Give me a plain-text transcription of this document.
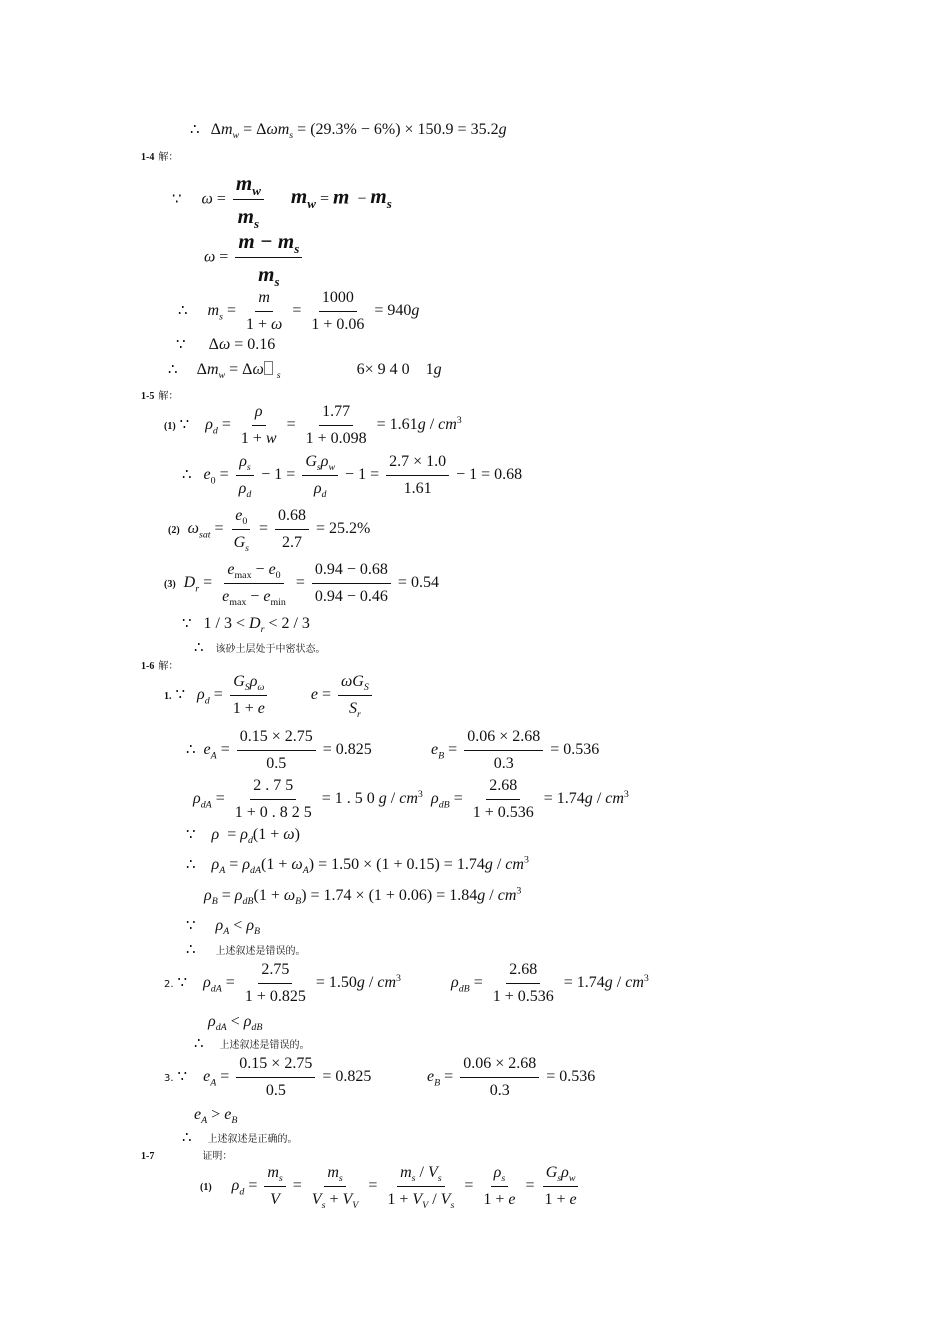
∴   $\Delta m_w = \Delta\omega m_s = (29.3\% - 6\%) \times 150.9 = 35.2g$
1-4 解：
∵ $\omega = \frac{m_w}{m_s} m_w = m - m_s$
$\omega = \frac{m - m_s}{m_s}$
∴ $m_s = \frac{m}{1 + \omega} = \frac{1000}{1 + 0.06} = 940g$
∵      Δω = 0.16
∴     $\Delta m_w = \Delta\omega$ $_s$	6× 9 4 0 1g
1-5 解：
(1) ∵ $\rho_d = \frac{\rho}{1 + w} = \frac{1.77}{1 + 0.098} = 1.61g / cm^3$
∴ $e_0 = \frac{\rho_s}{\rho_d} - 1 = \frac{G_s\rho_w}{\rho_d} - 1 = \frac{2.7 \times 1.0}{1.61} - 1 = 0.68$
(2) $\omega_{sat} = \frac{e_0}{G_s} = \frac{0.68}{2.7} = 25.2\%$
(3) $D_r = \frac{e_{max} - e_0}{e_{max} - e_{min}} = \frac{0.94 - 0.68}{0.94 - 0.46} = 0.54$
∵ $1 / 3 < D_r < 2 / 3$
∴ 该砂土层处于中密状态。
1-6 解：
1. ∵ $\rho_d = \frac{G_S\rho_\omega}{1 + e}$	$e = \frac{\omega G_S}{S_r}$
∴ $e_A = \frac{0.15 \times 2.75}{0.5} = 0.825$	$e_B = \frac{0.06 \times 2.68}{0.3} = 0.536$
$\rho_{dA} = \frac{2 . 7 5}{1 + 0 . 8 2 5} = 1$ . 5 0 g / $cm^3$ $\rho_{dB} = \frac{2.68}{1 + 0.536} = 1.74g / cm^3$
∵ $\rho = \rho_d(1 + \omega)$
∴ $\rho_A = \rho_{dA}(1 + \omega_A) = 1.50 \times (1 + 0.15) = 1.74g / cm^3$
$\rho_B = \rho_{dB}(1 + \omega_B) = 1.74 \times (1 + 0.06) = 1.84g / cm^3$
∵ $\rho_A < \rho_B$
∴ 上述叙述是错误的。
2. ∵ $\rho_{dA} = \frac{2.75}{1 + 0.825} = 1.50g / cm^3$	$\rho_{dB} = \frac{2.68}{1 + 0.536} = 1.74g / cm^3$
$\rho_{dA} < \rho_{dB}$
∴ 上述叙述是错误的。
3. ∵ $e_A = \frac{0.15 \times 2.75}{0.5} = 0.825$	$e_B = \frac{0.06 \times 2.68}{0.3} = 0.536$
$e_A > e_B$
∴ 上述叙述是正确的。
1-7	证明：
(1) $\rho_d = \frac{m_s}{V} = \frac{m_s}{V_s + V_V} = \frac{m_s / V_s}{1 + V_V / V_s} = \frac{\rho_s}{1 + e} = \frac{G_s\rho_w}{1 + e}$
